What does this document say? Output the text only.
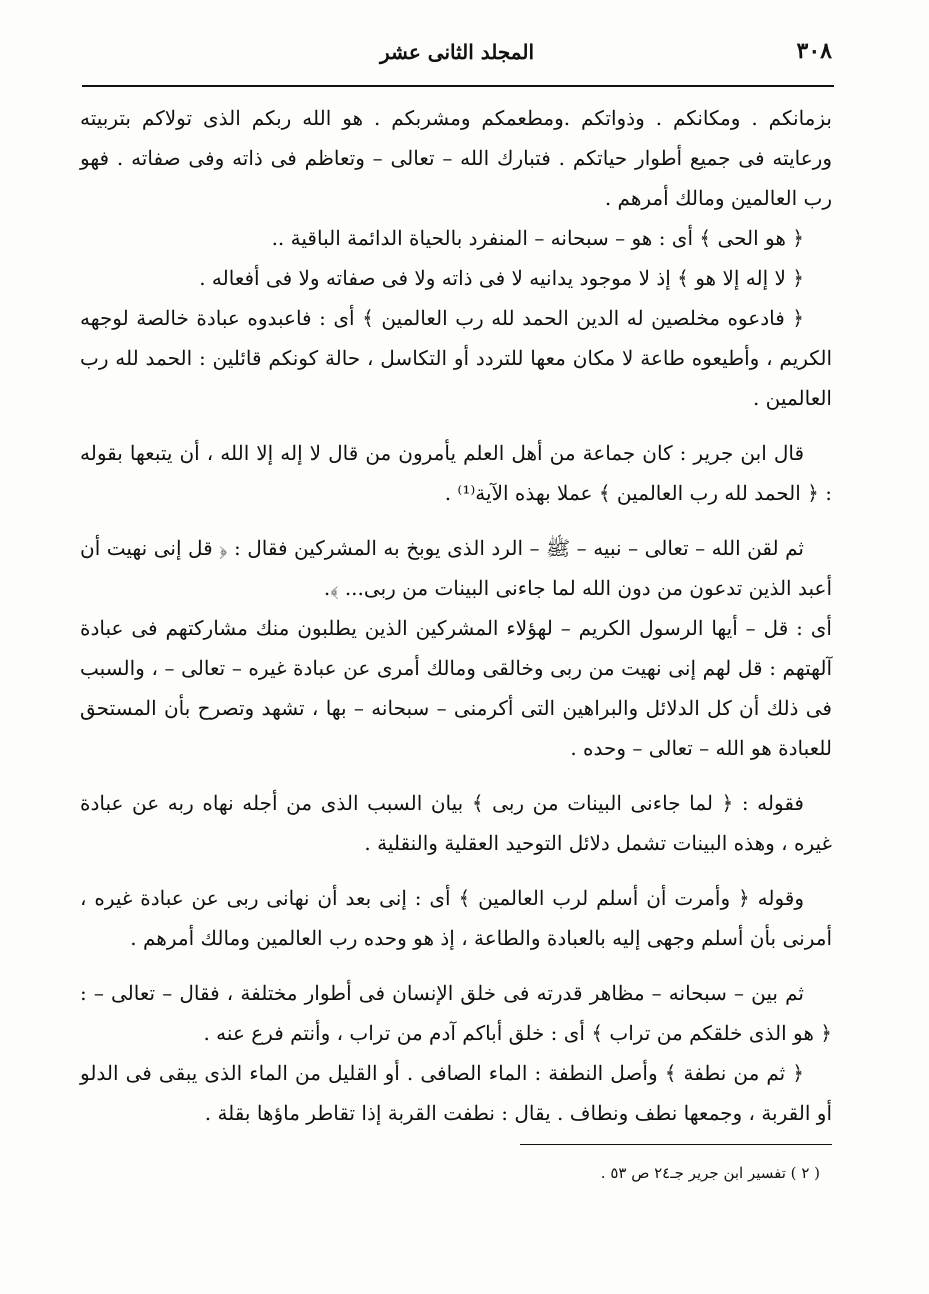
٣٠٨
المجلد الثانى عشر

بزمانكم . ومكانكم . وذواتكم .ومطعمكم ومشربكم . هو الله ربكم الذى تولاكم بتربيته ورعايته فى جميع أطوار حياتكم . فتبارك الله – تعالى – وتعاظم فى ذاته وفى صفاته . فهو رب العالمين ومالك أمرهم .

﴿ هو الحى ﴾ أى : هو – سبحانه – المنفرد بالحياة الدائمة الباقية ..

﴿ لا إله إلا هو ﴾ إذ لا موجود يدانيه لا فى ذاته ولا فى صفاته ولا فى أفعاله .

﴿ فادعوه مخلصين له الدين الحمد لله رب العالمين ﴾ أى : فاعبدوه عبادة خالصة لوجهه الكريم ، وأطيعوه طاعة لا مكان معها للتردد أو التكاسل ، حالة كونكم قائلين : الحمد لله رب العالمين .

قال ابن جرير : كان جماعة من أهل العلم يأمرون من قال لا إله إلا الله ، أن يتبعها بقوله : ﴿ الحمد لله رب العالمين ﴾ عملا بهذه الآية⁽¹⁾ .

ثم لقن الله – تعالى – نبيه – ﷺ – الرد الذى يوبخ به المشركين فقال : ﴿ قل إنى نهيت أن أعبد الذين تدعون من دون الله لما جاءنى البينات من ربى... ﴾.

أى : قل – أيها الرسول الكريم – لهؤلاء المشركين الذين يطلبون منك مشاركتهم فى عبادة آلهتهم : قل لهم إنى نهيت من ربى وخالقى ومالك أمرى عن عبادة غيره – تعالى – ، والسبب فى ذلك أن كل الدلائل والبراهين التى أكرمنى – سبحانه – بها ، تشهد وتصرح بأن المستحق للعبادة هو الله – تعالى – وحده .

فقوله : ﴿ لما جاءنى البينات من ربى ﴾ بيان السبب الذى من أجله نهاه ربه عن عبادة غيره ، وهذه البينات تشمل دلائل التوحيد العقلية والنقلية .

وقوله ﴿ وأمرت أن أسلم لرب العالمين ﴾ أى : إنى بعد أن نهانى ربى عن عبادة غيره ، أمرنى بأن أسلم وجهى إليه بالعبادة والطاعة ، إذ هو وحده رب العالمين ومالك أمرهم .

ثم بين – سبحانه – مظاهر قدرته فى خلق الإنسان فى أطوار مختلفة ، فقال – تعالى – : ﴿ هو الذى خلقكم من تراب ﴾ أى : خلق أباكم آدم من تراب ، وأنتم فرع عنه .

﴿ ثم من نطفة ﴾ وأصل النطفة : الماء الصافى . أو القليل من الماء الذى يبقى فى الدلو أو القربة ، وجمعها نطف ونطاف . يقال : نطفت القربة إذا تقاطر ماؤها بقلة .

( ٢ ) تفسير ابن جرير جـ٢٤ ص ٥٣ .
